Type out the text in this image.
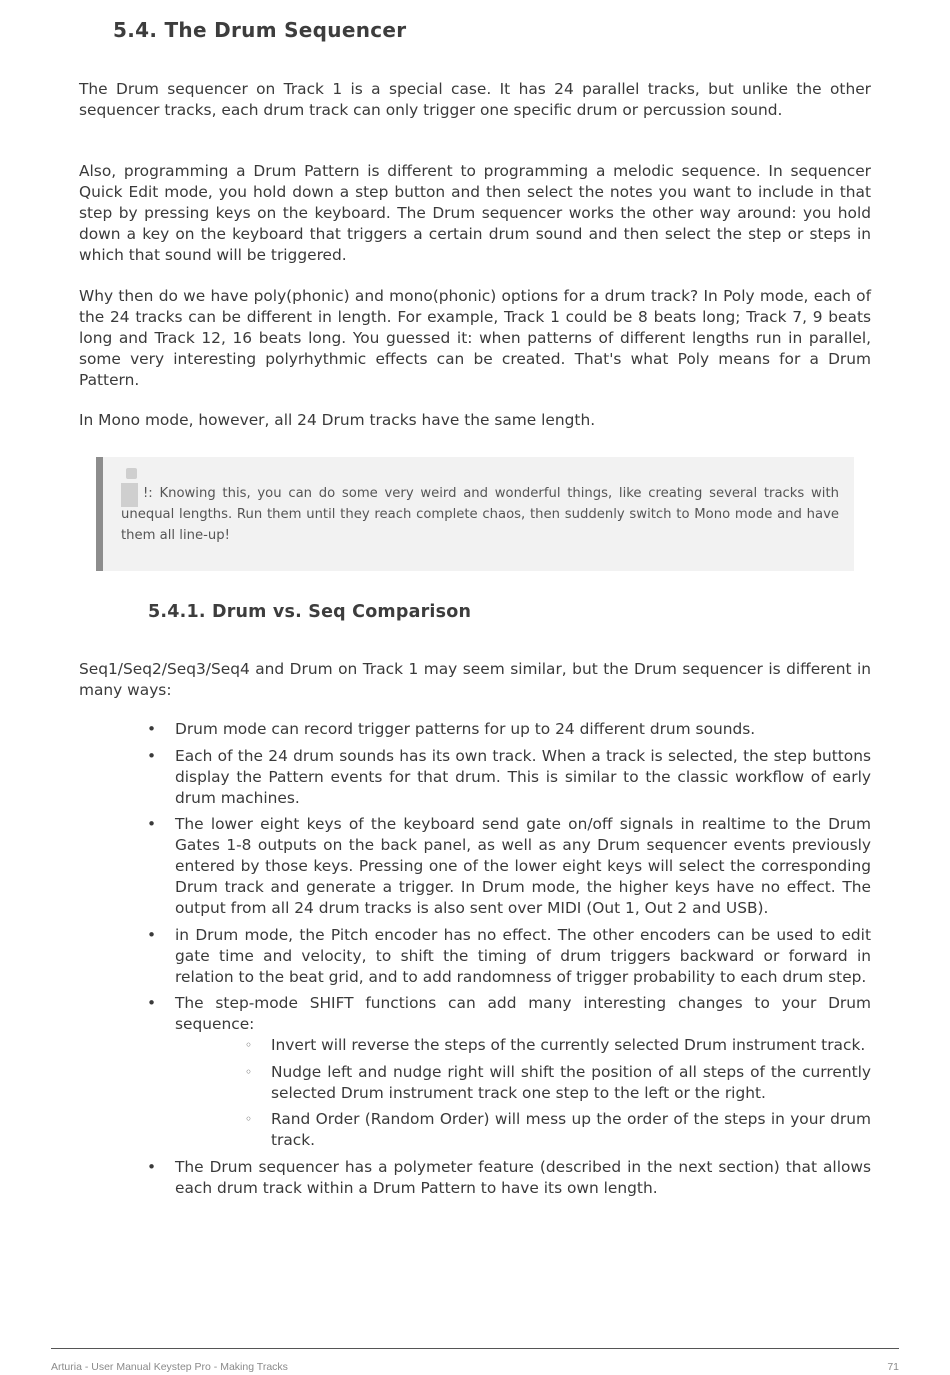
5.4. The Drum Sequencer

The Drum sequencer on Track 1 is a special case. It has 24 parallel tracks, but unlike the other sequencer tracks, each drum track can only trigger one specific drum or percussion sound.

Also, programming a Drum Pattern is different to programming a melodic sequence. In sequencer Quick Edit mode, you hold down a step button and then select the notes you want to include in that step by pressing keys on the keyboard. The Drum sequencer works the other way around: you hold down a key on the keyboard that triggers a certain drum sound and then select the step or steps in which that sound will be triggered.

Why then do we have poly(phonic) and mono(phonic) options for a drum track? In Poly mode, each of the 24 tracks can be different in length. For example, Track 1 could be 8 beats long; Track 7, 9 beats long and Track 12, 16 beats long. You guessed it: when patterns of different lengths run in parallel, some very interesting polyrhythmic effects can be created. That's what Poly means for a Drum Pattern.

In Mono mode, however, all 24 Drum tracks have the same length.

!: Knowing this, you can do some very weird and wonderful things, like creating several tracks with unequal lengths. Run them until they reach complete chaos, then suddenly switch to Mono mode and have them all line-up!

5.4.1. Drum vs. Seq Comparison

Seq1/Seq2/Seq3/Seq4 and Drum on Track 1 may seem similar, but the Drum sequencer is different in many ways:

• Drum mode can record trigger patterns for up to 24 different drum sounds.
• Each of the 24 drum sounds has its own track. When a track is selected, the step buttons display the Pattern events for that drum. This is similar to the classic workflow of early drum machines.
• The lower eight keys of the keyboard send gate on/off signals in realtime to the Drum Gates 1-8 outputs on the back panel, as well as any Drum sequencer events previously entered by those keys. Pressing one of the lower eight keys will select the corresponding Drum track and generate a trigger. In Drum mode, the higher keys have no effect. The output from all 24 drum tracks is also sent over MIDI (Out 1, Out 2 and USB).
• in Drum mode, the Pitch encoder has no effect. The other encoders can be used to edit gate time and velocity, to shift the timing of drum triggers backward or forward in relation to the beat grid, and to add randomness of trigger probability to each drum step.
• The step-mode SHIFT functions can add many interesting changes to your Drum sequence:
◦ Invert will reverse the steps of the currently selected Drum instrument track.
◦ Nudge left and nudge right will shift the position of all steps of the currently selected Drum instrument track one step to the left or the right.
◦ Rand Order (Random Order) will mess up the order of the steps in your drum track.
• The Drum sequencer has a polymeter feature (described in the next section) that allows each drum track within a Drum Pattern to have its own length.
Arturia - User Manual Keystep Pro - Making Tracks	71
